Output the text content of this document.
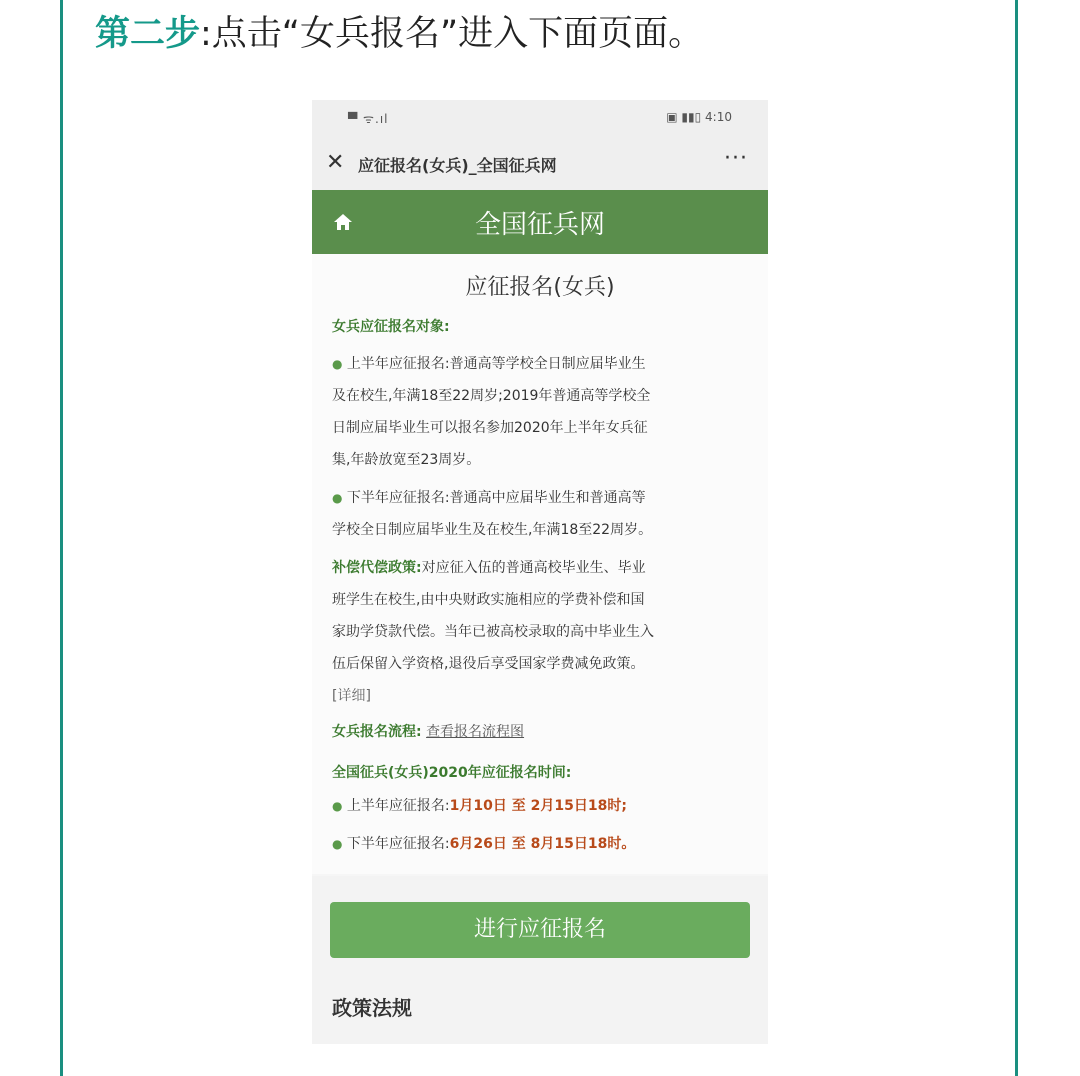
第二步:点击“女兵报名”进入下面页面。
▀ ᯤ.ıl	▣ ▮▮▯ 4:10
✕ 应征报名(女兵)_全国征兵网	···
全国征兵网
应征报名(女兵)
女兵应征报名对象:
● 上半年应征报名:普通高等学校全日制应届毕业生
及在校生,年满18至22周岁;2019年普通高等学校全
日制应届毕业生可以报名参加2020年上半年女兵征
集,年龄放宽至23周岁。
● 下半年应征报名:普通高中应届毕业生和普通高等
学校全日制应届毕业生及在校生,年满18至22周岁。
补偿代偿政策:对应征入伍的普通高校毕业生、毕业
班学生在校生,由中央财政实施相应的学费补偿和国
家助学贷款代偿。当年已被高校录取的高中毕业生入
伍后保留入学资格,退役后享受国家学费减免政策。
[详细]
女兵报名流程: 查看报名流程图
全国征兵(女兵)2020年应征报名时间:
● 上半年应征报名:1月10日 至 2月15日18时;
● 下半年应征报名:6月26日 至 8月15日18时。
进行应征报名
政策法规
